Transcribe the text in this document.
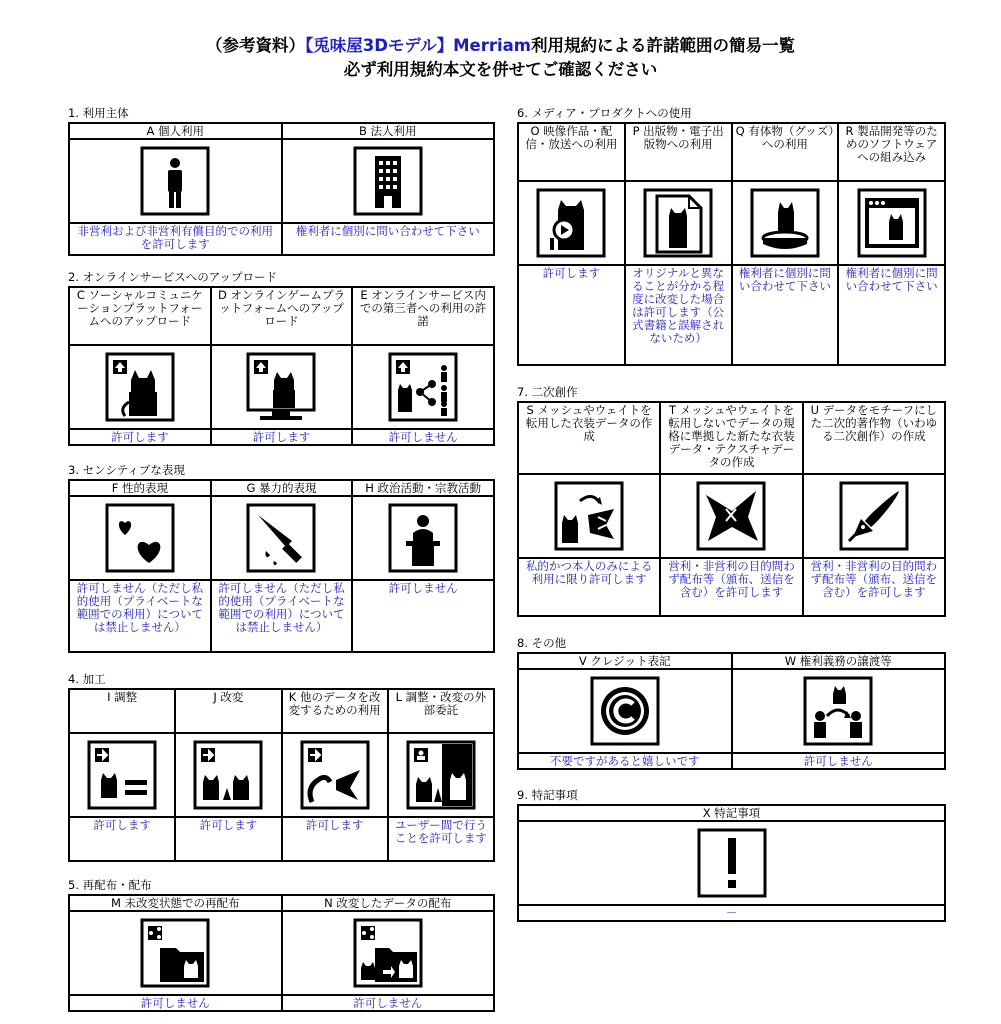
（参考資料）【兎味屋3Dモデル】Merriam利用規約による許諾範囲の簡易一覧
必ず利用規約本文を併せてご確認ください
1. 利用主体
A 個人利用	B 法人利用

非営利および非営利有償目的での利用を許可します	権利者に個別に問い合わせて下さい
2. オンラインサービスへのアップロード
C ソーシャルコミュニケーションプラットフォームへのアップロード	D オンラインゲームプラットフォームへのアップロード	E オンラインサービス内での第三者への利用の許諾

許可します	許可します	許可しません
3. センシティブな表現
F 性的表現	G 暴力的表現	H 政治活動・宗教活動

許可しません（ただし私的使用（プライベートな範囲での利用）については禁止しません）	許可しません（ただし私的使用（プライベートな範囲での利用）については禁止しません）	許可しません
4. 加工
I 調整	J 改変	K 他のデータを改変するための利用	L 調整・改変の外部委託

許可します	許可します	許可します	ユーザー間で行うことを許可します
5. 再配布・配布
M 未改変状態での再配布	N 改変したデータの配布

許可しません	許可しません
6. メディア・プロダクトへの使用
O 映像作品・配信・放送への利用	P 出版物・電子出版物への利用	Q 有体物（グッズ）への利用	R 製品開発等のためのソフトウェアへの組み込み

許可します	オリジナルと異なることが分かる程度に改変した場合は許可します（公式書籍と誤解されないため）	権利者に個別に問い合わせて下さい	権利者に個別に問い合わせて下さい
7. 二次創作
S メッシュやウェイトを転用した衣装データの作成	T メッシュやウェイトを転用しないでデータの規格に準拠した新たな衣装データ・テクスチャデータの作成	U データをモチーフにした二次的著作物（いわゆる二次創作）の作成

私的かつ本人のみによる利用に限り許可します	営利・非営利の目的問わず配布等（頒布、送信を含む）を許可します	営利・非営利の目的問わず配布等（頒布、送信を含む）を許可します
8. その他
V クレジット表記	W 権利義務の譲渡等

不要ですがあると嬉しいです	許可しません
9. 特記事項
X 特記事項

－
